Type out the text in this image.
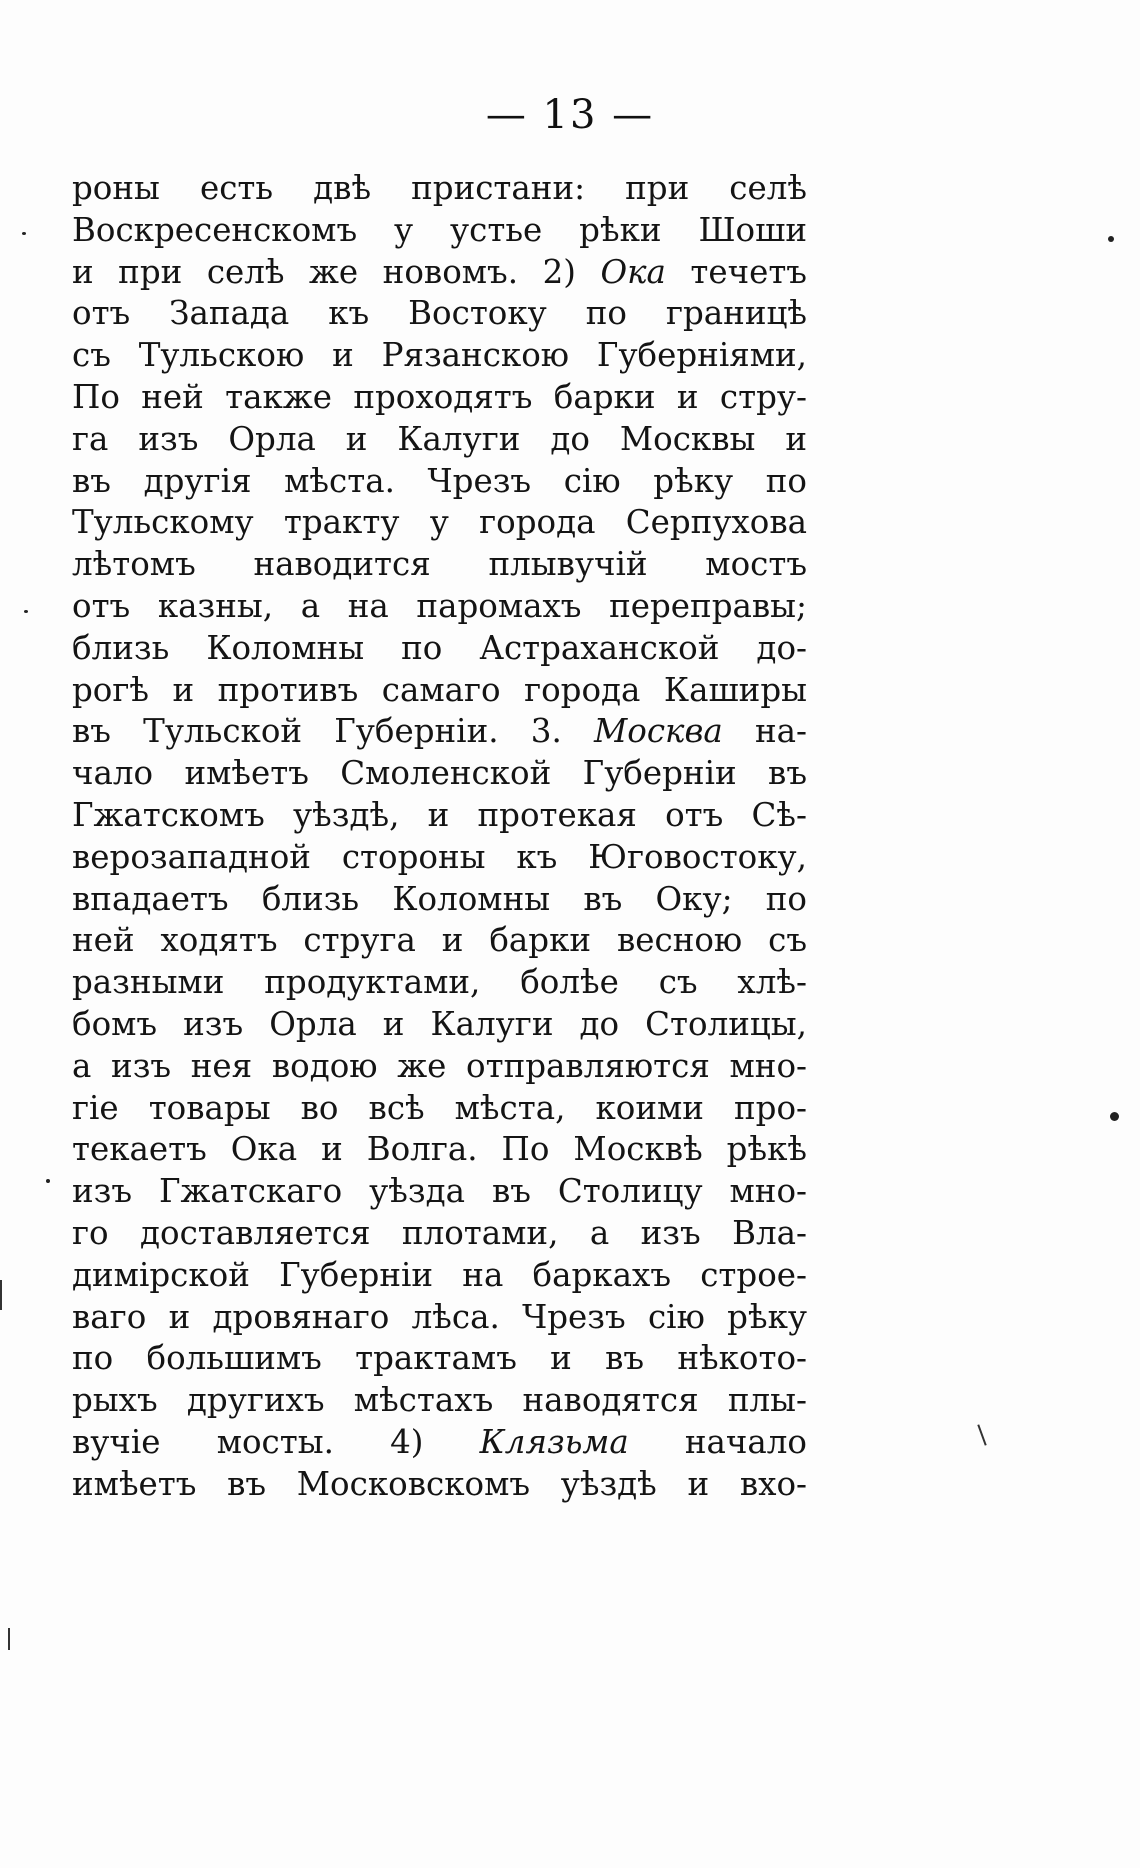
— 13 —
роны есть двѣ пристани: при селѣ
Воскресенскомъ у устье рѣки Шоши
и при селѣ же новомъ. 2) Ока течетъ
отъ Запада къ Востоку по границѣ
съ Тульскою и Рязанскою Губерніями,
По ней также проходятъ барки и стру-
га изъ Орла и Калуги до Москвы и
въ другія мѣста. Чрезъ сію рѣку по
Тульскому тракту у города Серпухова
лѣтомъ наводится плывучій мостъ
отъ казны, а на паромахъ переправы;
близь Коломны по Астраханской до-
рогѣ и противъ самаго города Каширы
въ Тульской Губерніи. 3. Москва на-
чало имѣетъ Смоленской Губерніи въ
Гжатскомъ уѣздѣ, и протекая отъ Сѣ-
верозападной стороны къ Юговостоку,
впадаетъ близь Коломны въ Оку; по
ней ходятъ струга и барки весною съ
разными продуктами, болѣе съ хлѣ-
бомъ изъ Орла и Калуги до Столицы,
а изъ нея водою же отправляются мно-
гіе товары во всѣ мѣста, коими про-
текаетъ Ока и Волга. По Москвѣ рѣкѣ
изъ Гжатскаго уѣзда въ Столицу мно-
го доставляется плотами, а изъ Вла-
димірской Губерніи на баркахъ строе-
ваго и дровянаго лѣса. Чрезъ сію рѣку
по большимъ трактамъ и въ нѣкото-
рыхъ другихъ мѣстахъ наводятся плы-
вучіе мосты. 4) Клязьма начало
имѣетъ въ Московскомъ уѣздѣ и вхо-
